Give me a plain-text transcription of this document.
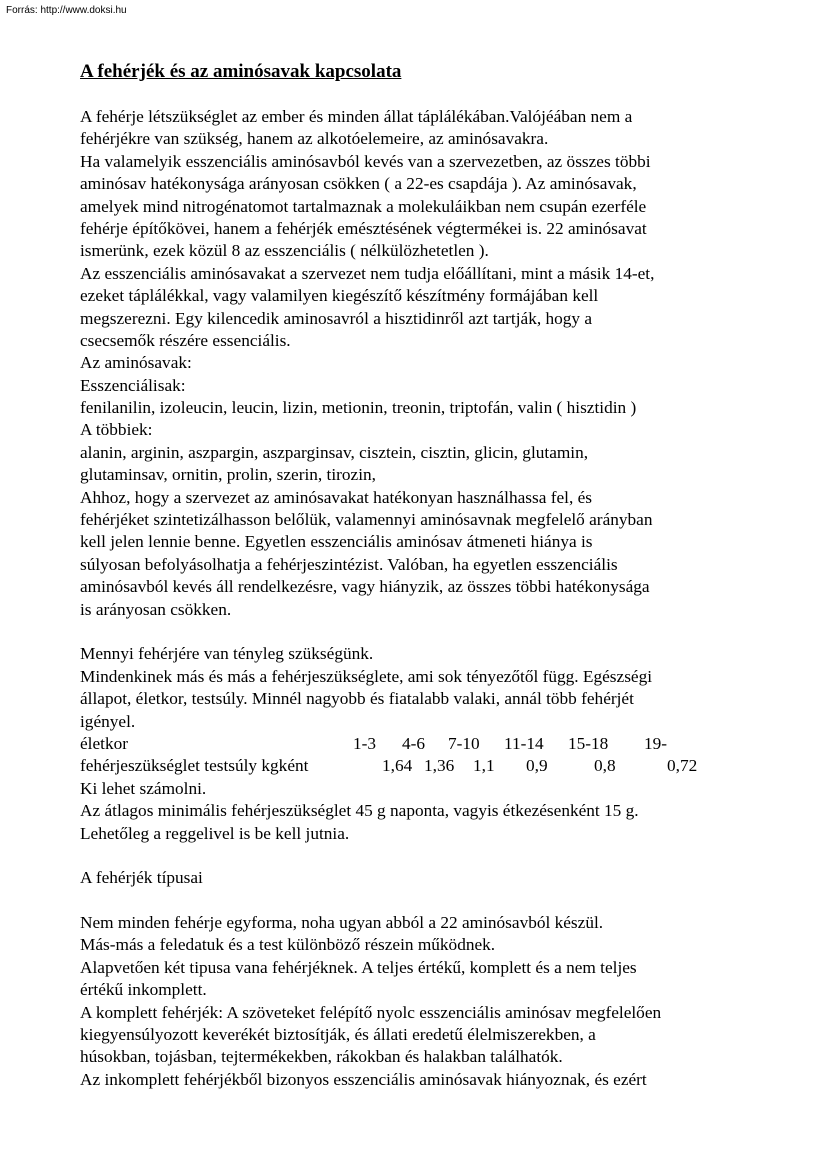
Forrás: http://www.doksi.hu
A fehérjék és az aminósavak kapcsolata
A fehérje létszükséglet az ember és minden állat táplálékában.Valójéában nem a
fehérjékre van szükség, hanem az alkotóelemeire, az aminósavakra.
Ha valamelyik esszenciális aminósavból kevés van a szervezetben, az összes többi
aminósav hatékonysága arányosan csökken ( a 22-es csapdája ). Az aminósavak,
amelyek mind nitrogénatomot tartalmaznak a molekuláikban nem csupán ezerféle
fehérje építőkövei, hanem a fehérjék emésztésének végtermékei is. 22 aminósavat
ismerünk, ezek közül 8 az esszenciális ( nélkülözhetetlen ).
Az esszenciális aminósavakat a szervezet nem tudja előállítani, mint a másik 14-et,
ezeket táplálékkal, vagy valamilyen kiegészítő készítmény formájában kell
megszerezni. Egy kilencedik aminosavról a hisztidinről azt tartják, hogy a
csecsemők részére essenciális.
Az aminósavak:
Esszenciálisak:
fenilanilin, izoleucin, leucin, lizin, metionin, treonin, triptofán, valin ( hisztidin )
A többiek:
alanin, arginin, aszpargin, aszparginsav, cisztein, cisztin, glicin, glutamin,
glutaminsav, ornitin, prolin, szerin, tirozin,
Ahhoz, hogy a szervezet az aminósavakat hatékonyan használhassa fel, és
fehérjéket szintetizálhasson belőlük, valamennyi aminósavnak megfelelő arányban
kell jelen lennie benne. Egyetlen esszenciális aminósav átmeneti hiánya is
súlyosan befolyásolhatja a fehérjeszintézist. Valóban, ha egyetlen esszenciális
aminósavból kevés áll rendelkezésre, vagy hiányzik, az összes többi hatékonysága
is arányosan csökken.
Mennyi fehérjére van tényleg szükségünk.
Mindenkinek más és más a fehérjeszükséglete, ami sok tényezőtől függ. Egészségi
állapot, életkor, testsúly. Minnél nagyobb és fiatalabb valaki, annál több fehérjét
igényel.
életkor	1-3 4-6 7-10 11-14 15-18 19-
fehérjeszükséglet testsúly kgként	1,64 1,36 1,1 0,9	0,8	0,72
Ki lehet számolni.
Az átlagos minimális fehérjeszükséglet 45 g naponta, vagyis étkezésenként 15 g.
Lehetőleg a reggelivel is be kell jutnia.
A fehérjék típusai
Nem minden fehérje egyforma, noha ugyan abból a 22 aminósavból készül.
Más-más a feledatuk és a test különböző részein működnek.
Alapvetően két tipusa vana fehérjéknek. A teljes értékű, komplett és a nem teljes
értékű inkomplett.
A komplett fehérjék: A szöveteket felépítő nyolc esszenciális aminósav megfelelően
kiegyensúlyozott keverékét biztosítják, és állati eredetű élelmiszerekben, a
húsokban, tojásban, tejtermékekben, rákokban és halakban találhatók.
Az inkomplett fehérjékből bizonyos esszenciális aminósavak hiányoznak, és ezért
